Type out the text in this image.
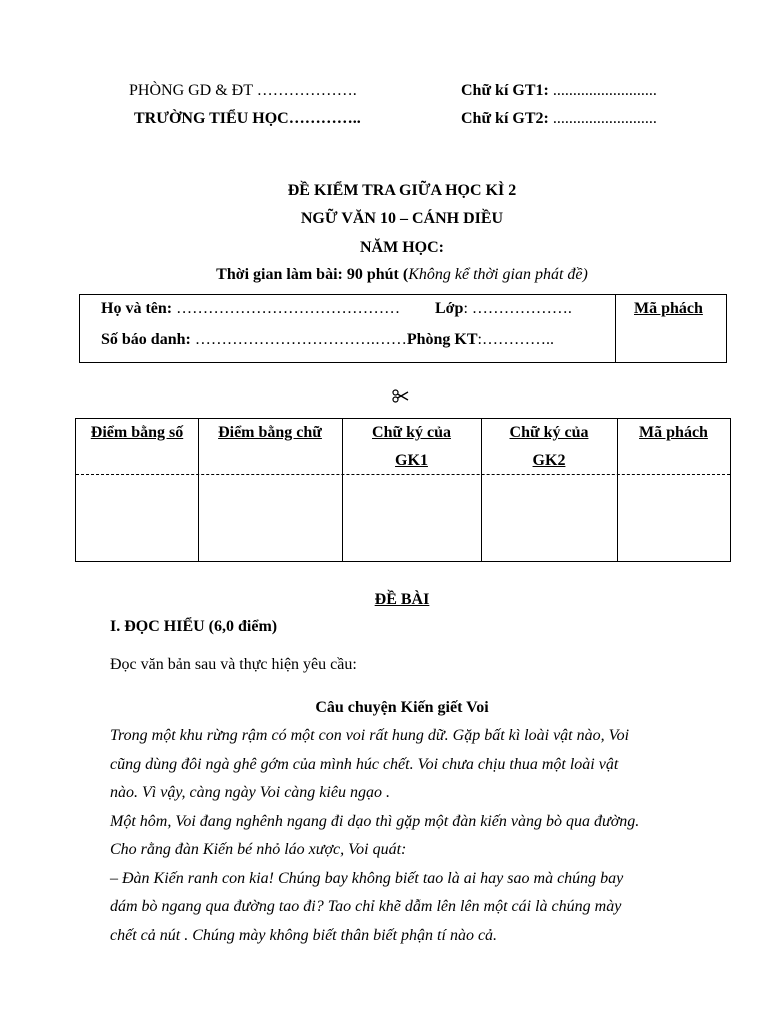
PHÒNG GD & ĐT ……………….
TRƯỜNG TIỂU HỌC…………..
Chữ kí GT1: ..........................
Chữ kí GT2: ..........................
ĐỀ KIỂM TRA GIỮA HỌC KÌ 2
NGỮ VĂN 10 – CÁNH DIỀU
NĂM HỌC:
Thời gian làm bài: 90 phút (Không kể thời gian phát đề)
Họ và tên: …………………………………… Lớp: ……………….
Số báo danh: …………………………….……Phòng KT:…………..
Mã phách
Điểm bằng số	Điểm bằng chữ	Chữ ký của
GK1
Chữ ký của
GK2
Mã phách
ĐỀ BÀI
I. ĐỌC HIỂU (6,0 điểm)
Đọc văn bản sau và thực hiện yêu cầu:
Câu chuyện Kiến giết Voi
Trong một khu rừng rậm có một con voi rất hung dữ. Gặp bất kì loài vật nào, Voi
cũng dùng đôi ngà ghê gớm của mình húc chết. Voi chưa chịu thua một loài vật
nào. Vì vậy, càng ngày Voi càng kiêu ngạo .
Một hôm, Voi đang nghênh ngang đi dạo thì gặp một đàn kiến vàng bò qua đường.
Cho rằng đàn Kiến bé nhỏ láo xược, Voi quát:
– Đàn Kiến ranh con kia! Chúng bay không biết tao là ai hay sao mà chúng bay
dám bò ngang qua đường tao đi? Tao chỉ khẽ dẫm lên lên một cái là chúng mày
chết cả nút . Chúng mày không biết thân biết phận tí nào cả.
